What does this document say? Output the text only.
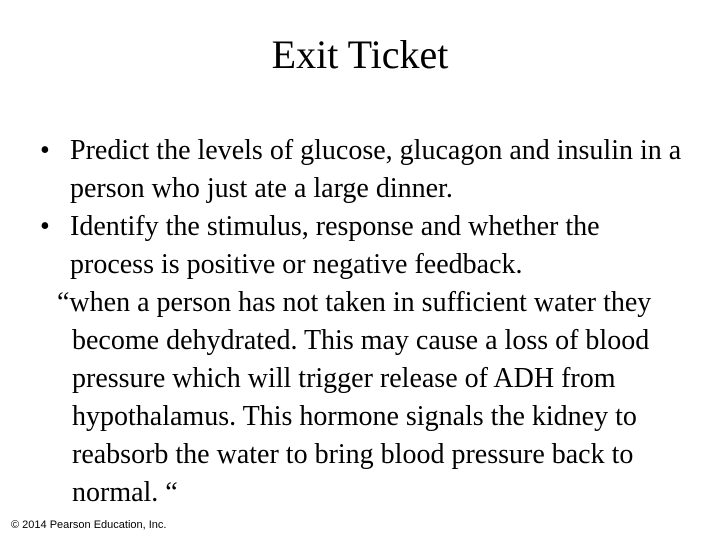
Exit Ticket
• Predict the levels of glucose, glucagon and insulin in a person who just ate a large dinner.
• Identify the stimulus, response and whether the process is positive or negative feedback.
“when a person has not taken in sufficient water they become dehydrated. This may cause a loss of blood pressure which will trigger release of ADH from hypothalamus. This hormone signals the kidney to reabsorb the water to bring blood pressure back to normal. “
© 2014 Pearson Education, Inc.
